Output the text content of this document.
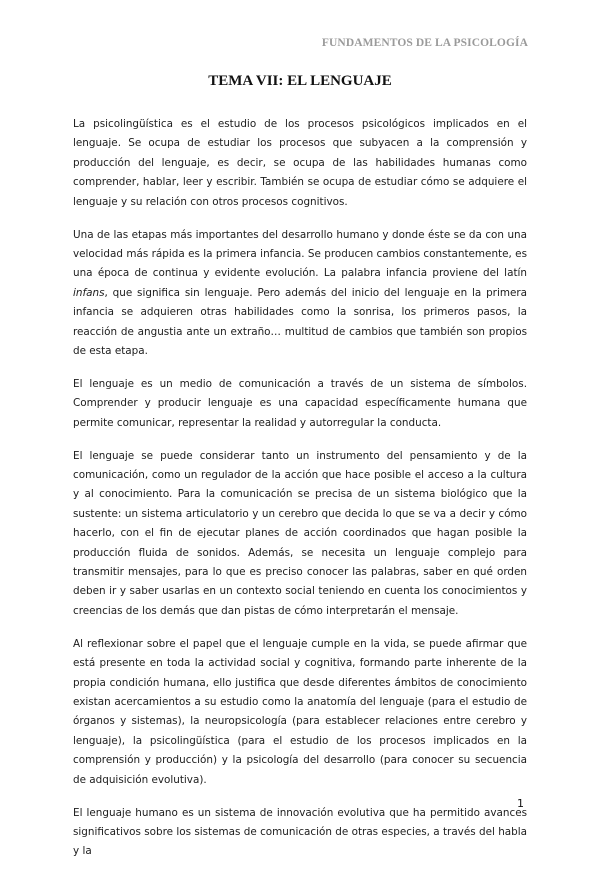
FUNDAMENTOS DE LA PSICOLOGÍA
TEMA VII: EL LENGUAJE

La psicolingüística es el estudio de los procesos psicológicos implicados en el lenguaje. Se ocupa de estudiar los procesos que subyacen a la comprensión y producción del lenguaje, es decir, se ocupa de las habilidades humanas como comprender, hablar, leer y escribir. También se ocupa de estudiar cómo se adquiere el lenguaje y su relación con otros procesos cognitivos.

Una de las etapas más importantes del desarrollo humano y donde éste se da con una velocidad más rápida es la primera infancia. Se producen cambios constantemente, es una época de continua y evidente evolución. La palabra infancia proviene del latín infans, que significa sin lenguaje. Pero además del inicio del lenguaje en la primera infancia se adquieren otras habilidades como la sonrisa, los primeros pasos, la reacción de angustia ante un extraño… multitud de cambios que también son propios de esta etapa.

El lenguaje es un medio de comunicación a través de un sistema de símbolos. Comprender y producir lenguaje es una capacidad específicamente humana que permite comunicar, representar la realidad y autorregular la conducta.

El lenguaje se puede considerar tanto un instrumento del pensamiento y de la comunicación, como un regulador de la acción que hace posible el acceso a la cultura y al conocimiento. Para la comunicación se precisa de un sistema biológico que la sustente: un sistema articulatorio y un cerebro que decida lo que se va a decir y cómo hacerlo, con el fin de ejecutar planes de acción coordinados que hagan posible la producción fluida de sonidos. Además, se necesita un lenguaje complejo para transmitir mensajes, para lo que es preciso conocer las palabras, saber en qué orden deben ir y saber usarlas en un contexto social teniendo en cuenta los conocimientos y creencias de los demás que dan pistas de cómo interpretarán el mensaje.

Al reflexionar sobre el papel que el lenguaje cumple en la vida, se puede afirmar que está presente en toda la actividad social y cognitiva, formando parte inherente de la propia condición humana, ello justifica que desde diferentes ámbitos de conocimiento existan acercamientos a su estudio como la anatomía del lenguaje (para el estudio de órganos y sistemas), la neuropsicología (para establecer relaciones entre cerebro y lenguaje), la psicolingüística (para el estudio de los procesos implicados en la comprensión y producción) y la psicología del desarrollo (para conocer su secuencia de adquisición evolutiva).

El lenguaje humano es un sistema de innovación evolutiva que ha permitido avances significativos sobre los sistemas de comunicación de otras especies, a través del habla y la

1
